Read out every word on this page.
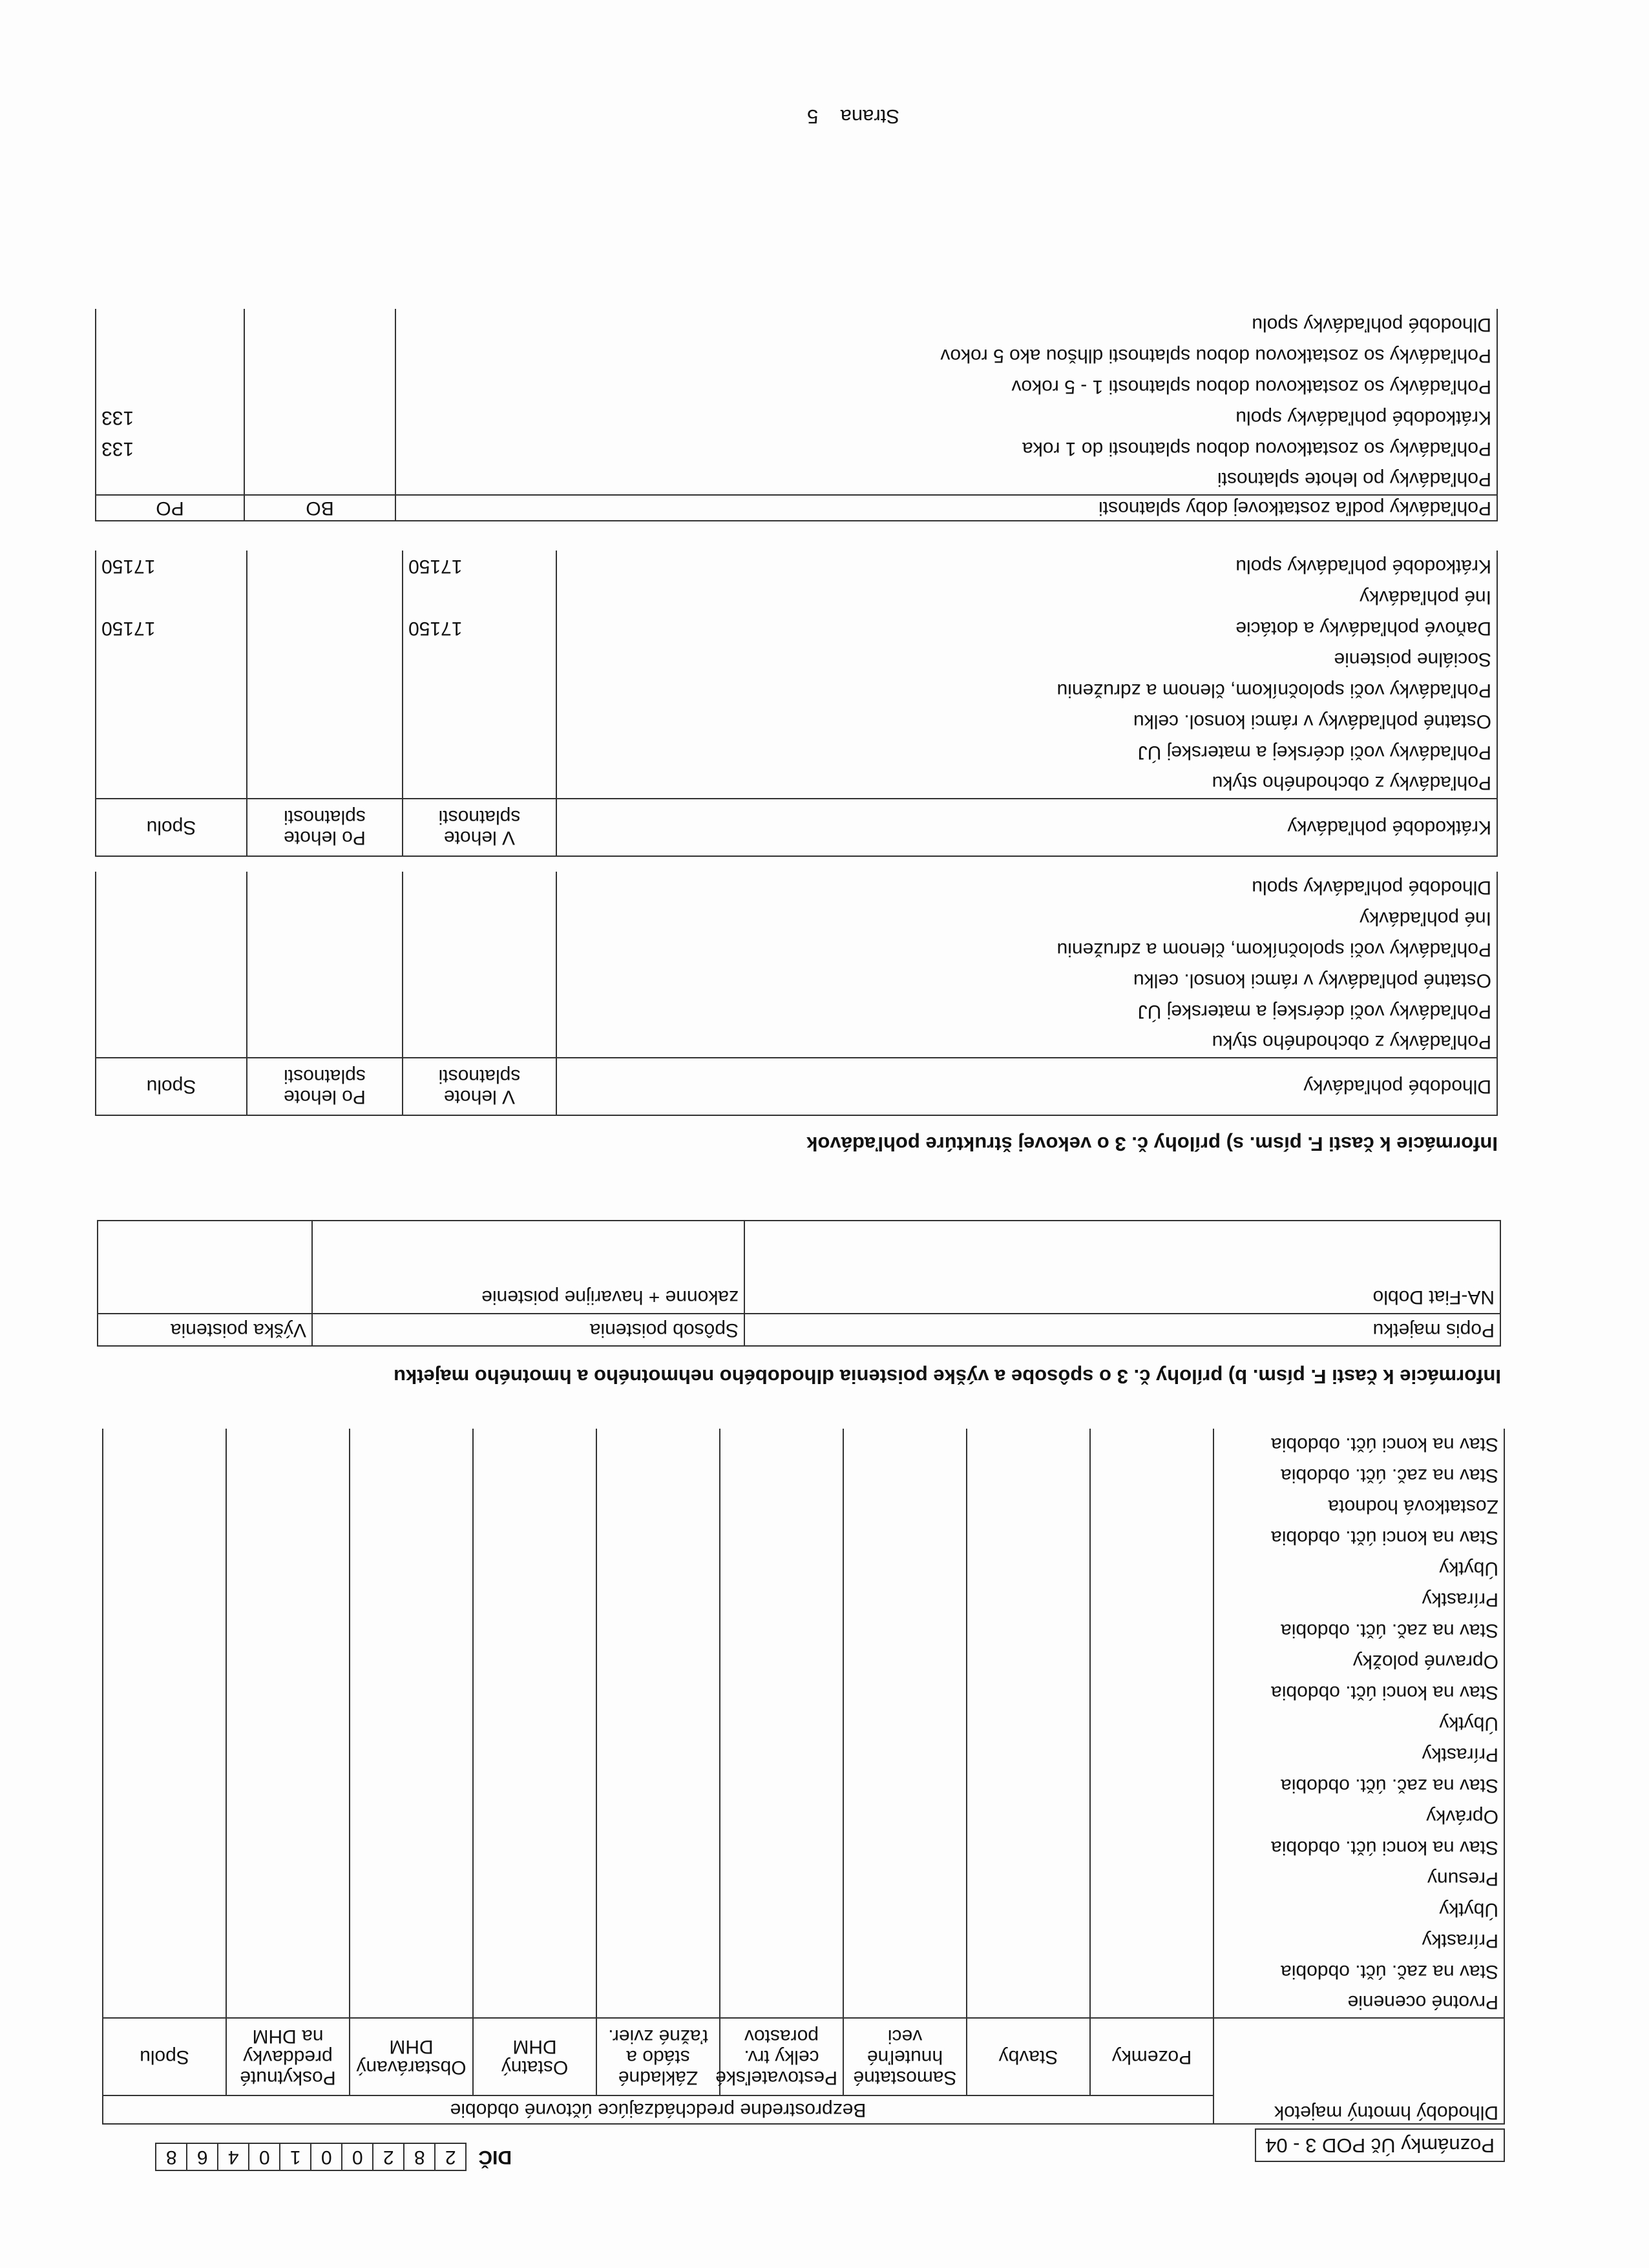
Poznámky Úč POD 3 - 04
DIČ
2
8
2
0
0
1
0
4
6
8
Dlhodobý hmotný majetok	Bezprostredne predchádzajúce účtovné obdobie								
	Pozemky	Stavby	Samostatné hnuteľné veci	Pestovateľské celky trv. porastov	Základné stádo a ťažné zvier.	Ostatný DHM	Obstarávaný DHM	Poskytnuté preddavky na DHM	Spolu
Prvotné ocenenie									
Stav na zač. účt. obdobia									
Prírastky									
Úbytky									
Presuny									
Stav na konci účt. obdobia									
Oprávky									
Stav na zač. účt. obdobia									
Prírastky									
Úbytky									
Stav na konci účt. obdobia									
Opravné položky									
Stav na zač. účt. obdobia									
Prírastky									
Úbytky									
Stav na konci účt. obdobia									
Zostatková hodnota									
Stav na zač. účt. obdobia									
Stav na konci účt. obdobia									
Informácie k časti F. písm. b) prílohy č. 3 o spôsobe a výške poistenia dlhodobého nehmotného a hmotného majetku
Popis majetku	Spôsob poistenia	Výška poistenia
NA-Fiat Doblo	zakonne + havarijne poistenie	
Informácie k časti F. písm. s) prílohy č. 3 o vekovej štruktúre pohľadávok
Dlhodobé pohľadávky	V lehote splatnosti	Po lehote splatnosti	Spolu
Pohľadávky z obchodného styku			
Pohľadávky voči dcérskej a materskej ÚJ			
Ostatné pohľadávky v rámci konsol. celku			
Pohľadávky voči spoločníkom, členom a združeniu			
Iné pohľadávky			
Dlhodobé pohľadávky spolu			
Krátkodobé pohľadávky	V lehote splatnosti	Po lehote splatnosti	Spolu
Pohľadávky z obchodného styku			
Pohľadávky voči dcérskej a materskej ÚJ			
Ostatné pohľadávky v rámci konsol. celku			
Pohľadávky voči spoločníkom, členom a združeniu			
Sociálne poistenie			
Daňové pohľadávky a dotácie	17150		17150
Iné pohľadávky			
Krátkodobé pohľadávky spolu	17150		17150
Pohľadávky podľa zostatkovej doby splatnosti	BO	PO
Pohľadávky po lehote splatnosti		
Pohľadávky so zostatkovou dobou splatnosti do 1 roka		133
Krátkodobé pohľadávky spolu		133
Pohľadávky so zostatkovou dobou splatnosti 1 - 5 rokov		
Pohľadávky so zostatkovou dobou splatnosti dlhšou ako 5 rokov		
Dlhodobé pohľadávky spolu		
Strana    5
